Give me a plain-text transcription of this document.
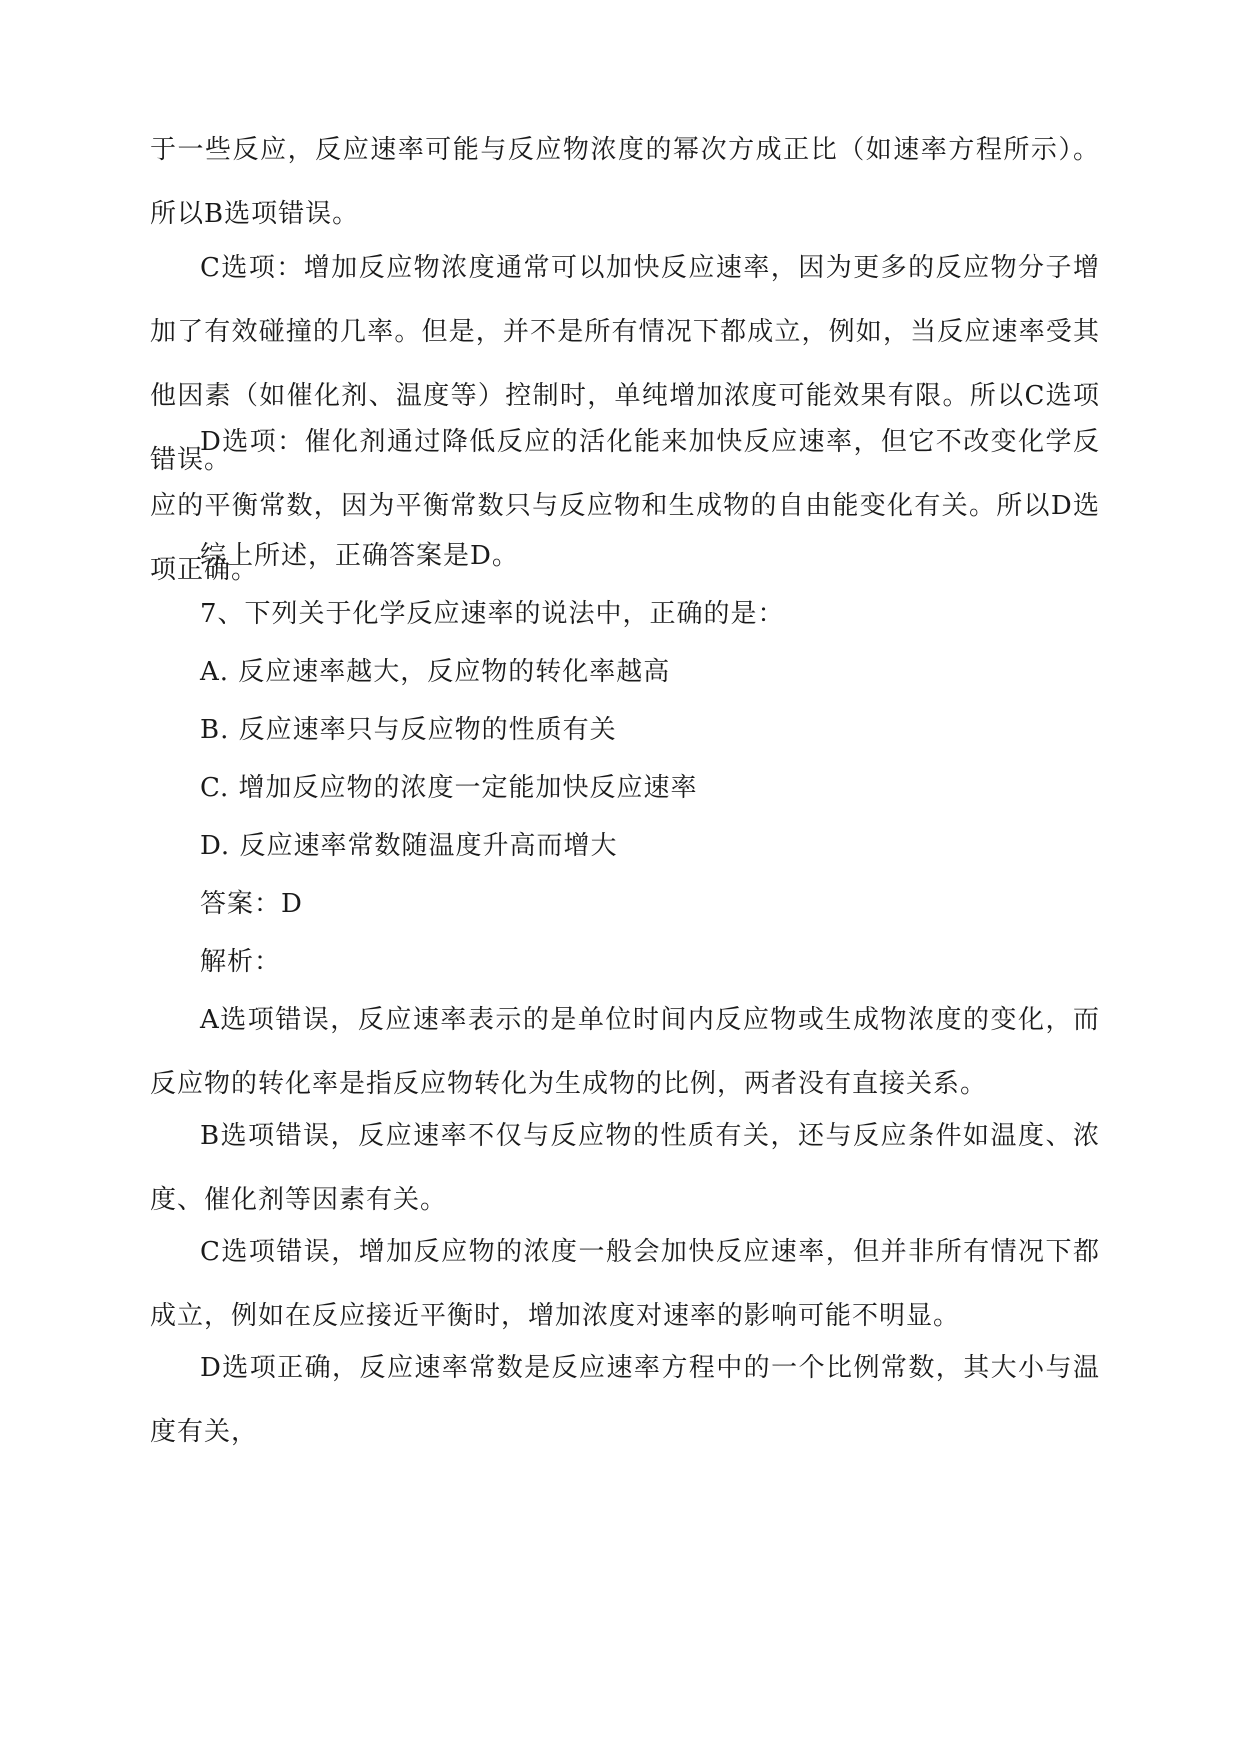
于一些反应，反应速率可能与反应物浓度的幂次方成正比（如速率方程所示）。所以B选项错误。

C选项：增加反应物浓度通常可以加快反应速率，因为更多的反应物分子增加了有效碰撞的几率。但是，并不是所有情况下都成立，例如，当反应速率受其他因素（如催化剂、温度等）控制时，单纯增加浓度可能效果有限。所以C选项错误。

D选项：催化剂通过降低反应的活化能来加快反应速率，但它不改变化学反应的平衡常数，因为平衡常数只与反应物和生成物的自由能变化有关。所以D选项正确。

综上所述，正确答案是D。

7、下列关于化学反应速率的说法中，正确的是：

A. 反应速率越大，反应物的转化率越高

B. 反应速率只与反应物的性质有关

C. 增加反应物的浓度一定能加快反应速率

D. 反应速率常数随温度升高而增大

答案：D

解析：

A选项错误，反应速率表示的是单位时间内反应物或生成物浓度的变化，而反应物的转化率是指反应物转化为生成物的比例，两者没有直接关系。

B选项错误，反应速率不仅与反应物的性质有关，还与反应条件如温度、浓度、催化剂等因素有关。

C选项错误，增加反应物的浓度一般会加快反应速率，但并非所有情况下都成立，例如在反应接近平衡时，增加浓度对速率的影响可能不明显。

D选项正确，反应速率常数是反应速率方程中的一个比例常数，其大小与温度有关，
